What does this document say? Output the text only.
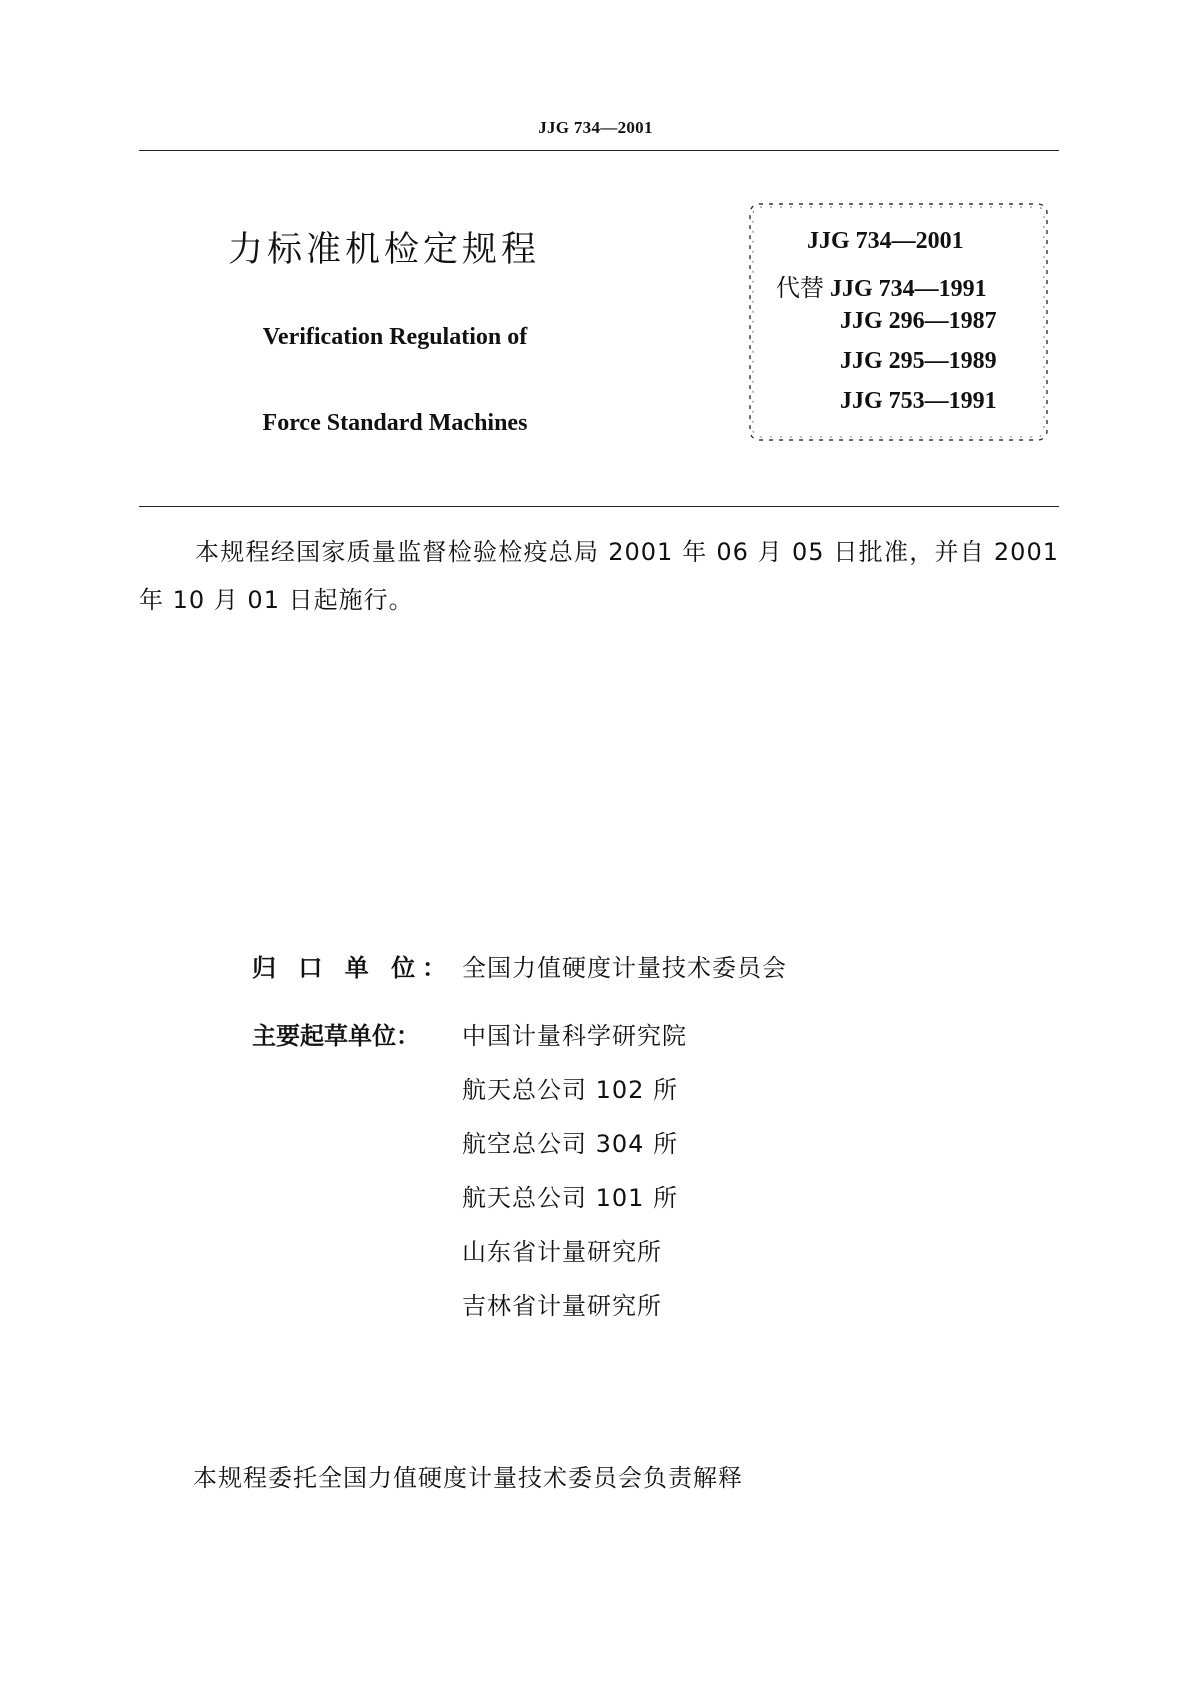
JJG 734—2001
力标准机检定规程
Verification Regulation of
Force Standard Machines
JJG 734—2001
代替 JJG 734—1991
JJG 296—1987
JJG 295—1989
JJG 753—1991
本规程经国家质量监督检验检疫总局 2001 年 06 月 05 日批准，并自 2001 年 10 月 01 日起施行。
归 口 单 位： 全国力值硬度计量技术委员会
主要起草单位： 中国计量科学研究院
航天总公司 102 所
航空总公司 304 所
航天总公司 101 所
山东省计量研究所
吉林省计量研究所
本规程委托全国力值硬度计量技术委员会负责解释
